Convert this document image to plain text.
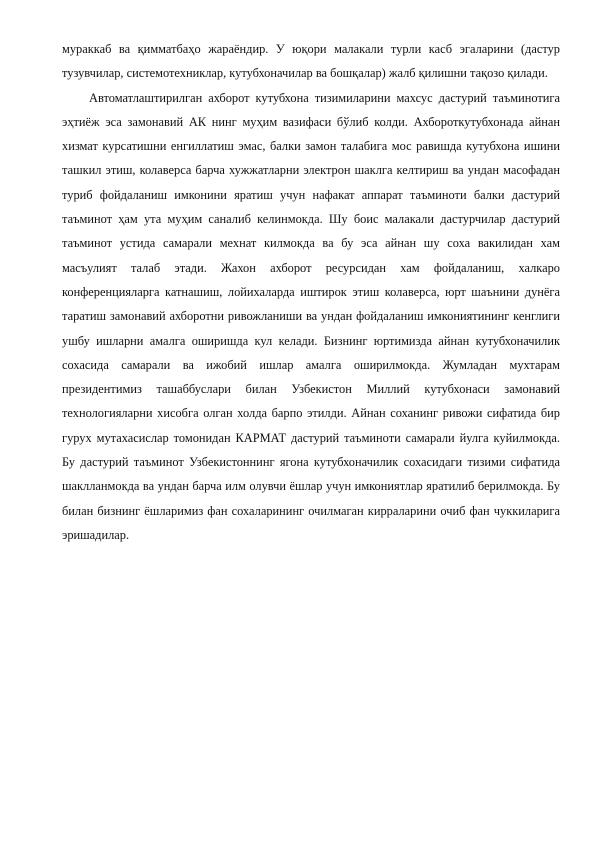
мураккаб ва қимматбаҳо жараёндир. У юқори малакали турли касб эгаларини (дастур тузувчилар, системотехниклар, кутубхоначилар ва бошқалар) жалб қилишни тақозо қилади.

Автоматлаштирилган ахборот кутубхона тизимиларини махсус дастурий таъминотига эҳтиёж эса замонавий АК нинг муҳим вазифаси бўлиб колди. Ахбороткутубхонада айнан хизмат курсатишни енгиллатиш эмас, балки замон талабига мос равишда кутубхона ишини ташкил этиш, колаверса барча хужжатларни электрон шаклга келтириш ва ундан масофадан туриб фойдаланиш имконини яратиш учун нафакат аппарат таъминоти балки дастурий таъминот ҳам ута муҳим саналиб келинмокда. Шу боис малакали дастурчилар дастурий таъминот устида самарали мехнат килмокда ва бу эса айнан шу соха вакилидан хам масъулият талаб этади. Жахон ахборот ресурсидан хам фойдаланиш, халкаро конференцияларга катнашиш, лойихаларда иштирок этиш колаверса, юрт шаънини дунёга таратиш замонавий ахборотни ривожланиши ва ундан фойдаланиш имкониятининг кенглиги ушбу ишларни амалга оширишда кул келади. Бизнинг юртимизда айнан кутубхоначилик сохасида самарали ва ижобий ишлар амалга оширилмокда. Жумладан мухтарам президентимиз ташаббуслари билан Узбекистон Миллий кутубхонаси замонавий технологияларни хисобга олган холда барпо этилди. Айнан соханинг ривожи сифатида бир гурух мутахасислар томонидан КАРМАТ дастурий таъминоти самарали йулга куйилмокда. Бу дастурий таъминот Узбекистоннинг ягона кутубхоначилик сохасидаги тизими сифатида шаклланмокда ва ундан барча илм олувчи ёшлар учун имкониятлар яратилиб берилмокда. Бу билан бизнинг ёшларимиз фан сохаларининг очилмаган кирраларини очиб фан чуккиларига эришадилар.
